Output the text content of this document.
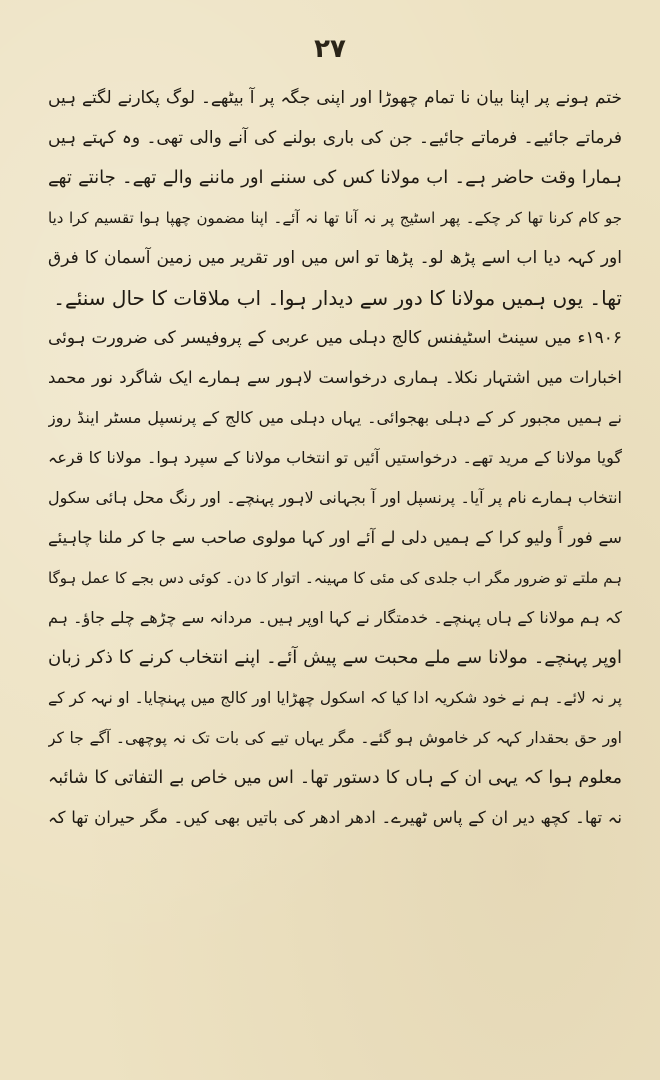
۲۷
ختم ہونے پر اپنا بیان نا تمام چھوڑا اور اپنی جگہ پر آ بیٹھے۔ لوگ پکارنے لگتے ہیں
فرماتے جائیے۔ فرماتے جائیے۔ جن کی باری بولنے کی آنے والی تھی۔ وہ کہتے ہیں
ہمارا وقت حاضر ہے۔ اب مولانا کس کی سننے اور ماننے والے تھے۔ جانتے تھے
جو کام کرنا تھا کر چکے۔ پھر اسٹیج پر نہ آنا تھا نہ آئے۔ اپنا مضمون چھپا ہوا تقسیم کرا دیا
اور کہہ دیا اب اسے پڑھ لو۔ پڑھا تو اس میں اور تقریر میں زمین آسمان کا فرق
تھا۔ یوں ہمیں مولانا کا دور سے دیدار ہوا۔ اب ملاقات کا حال سنئے۔
۱۹۰۶ء میں سینٹ اسٹیفنس کالج دہلی میں عربی کے پروفیسر کی ضرورت ہوئی
اخبارات میں اشتہار نکلا۔ ہماری درخواست لاہور سے ہمارے ایک شاگرد نور محمد
نے ہمیں مجبور کر کے دہلی بھجوائی۔ یہاں دہلی میں کالج کے پرنسپل مسٹر اینڈ روز
گویا مولانا کے مرید تھے۔ درخواستیں آئیں تو انتخاب مولانا کے سپرد ہوا۔ مولانا کا قرعہ
انتخاب ہمارے نام پر آیا۔ پرنسپل اور آ بجہانی لاہور پہنچے۔ اور رنگ محل ہائی سکول
سے فور اً ولیو کرا کے ہمیں دلی لے آئے اور کہا مولوی صاحب سے جا کر ملنا چاہیئے
ہم ملتے تو ضرور مگر اب جلدی کی مئی کا مہینہ۔ اتوار کا دن۔ کوئی دس بجے کا عمل ہوگا
کہ ہم مولانا کے ہاں پہنچے۔ خدمتگار نے کہا اوپر ہیں۔ مردانہ سے چڑھے چلے جاؤ۔ ہم
اوپر پہنچے۔ مولانا سے ملے محبت سے پیش آئے۔ اپنے انتخاب کرنے کا ذکر زبان
پر نہ لائے۔ ہم نے خود شکریہ ادا کیا کہ اسکول چھڑایا اور کالج میں پہنچایا۔ او نہہ کر کے
اور حق بحقدار کہہ کر خاموش ہو گئے۔ مگر یہاں تیے کی بات تک نہ پوچھی۔ آگے جا کر
معلوم ہوا کہ یہی ان کے ہاں کا دستور تھا۔ اس میں خاص بے التفاتی کا شائبہ
نہ تھا۔ کچھ دیر ان کے پاس ٹھیرے۔ ادھر ادھر کی باتیں بھی کیں۔ مگر حیران تھا کہ
